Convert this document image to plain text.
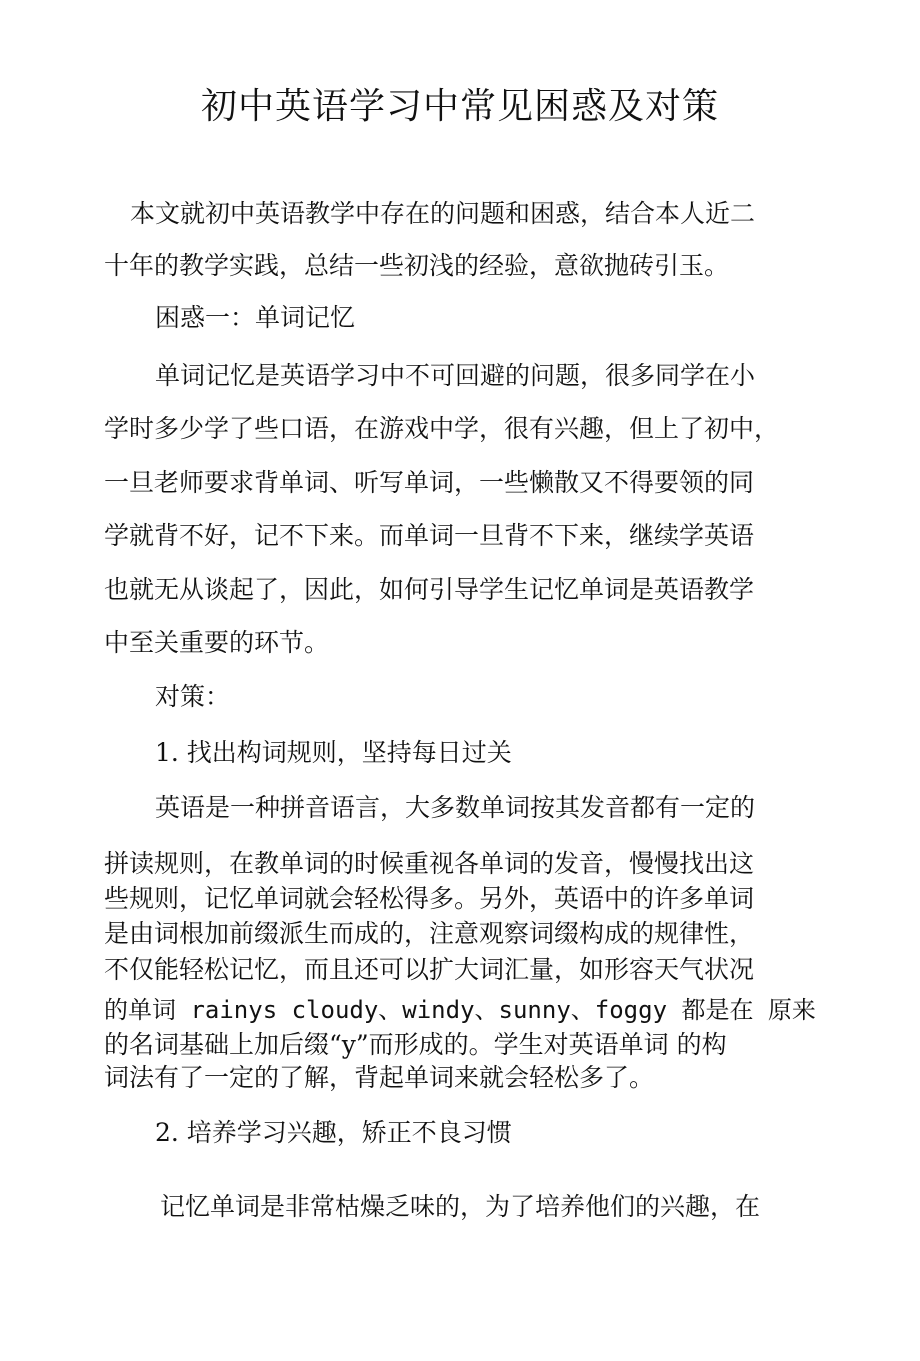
初中英语学习中常见困惑及对策

本文就初中英语教学中存在的问题和困惑，结合本人近二

十年的教学实践，总结一些初浅的经验，意欲抛砖引玉。

困惑一：单词记忆

单词记忆是英语学习中不可回避的问题，很多同学在小

学时多少学了些口语，在游戏中学，很有兴趣，但上了初中，

一旦老师要求背单词、听写单词，一些懒散又不得要领的同

学就背不好，记不下来。而单词一旦背不下来，继续学英语

也就无从谈起了，因此，如何引导学生记忆单词是英语教学

中至关重要的环节。

对策：

1. 找出构词规则，坚持每日过关

英语是一种拼音语言，大多数单词按其发音都有一定的

拼读规则，在教单词的时候重视各单词的发音，慢慢找出这

些规则，记忆单词就会轻松得多。另外，英语中的许多单词

是由词根加前缀派生而成的，注意观察词缀构成的规律性，

不仅能轻松记忆，而且还可以扩大词汇量，如形容天气状况

的单词 rainys cloudy、windy、sunny、foggy 都是在 原来

的名词基础上加后缀“y”而形成的。学生对英语单词 的构

词法有了一定的了解，背起单词来就会轻松多了。

2. 培养学习兴趣，矫正不良习惯

记忆单词是非常枯燥乏味的，为了培养他们的兴趣，在
